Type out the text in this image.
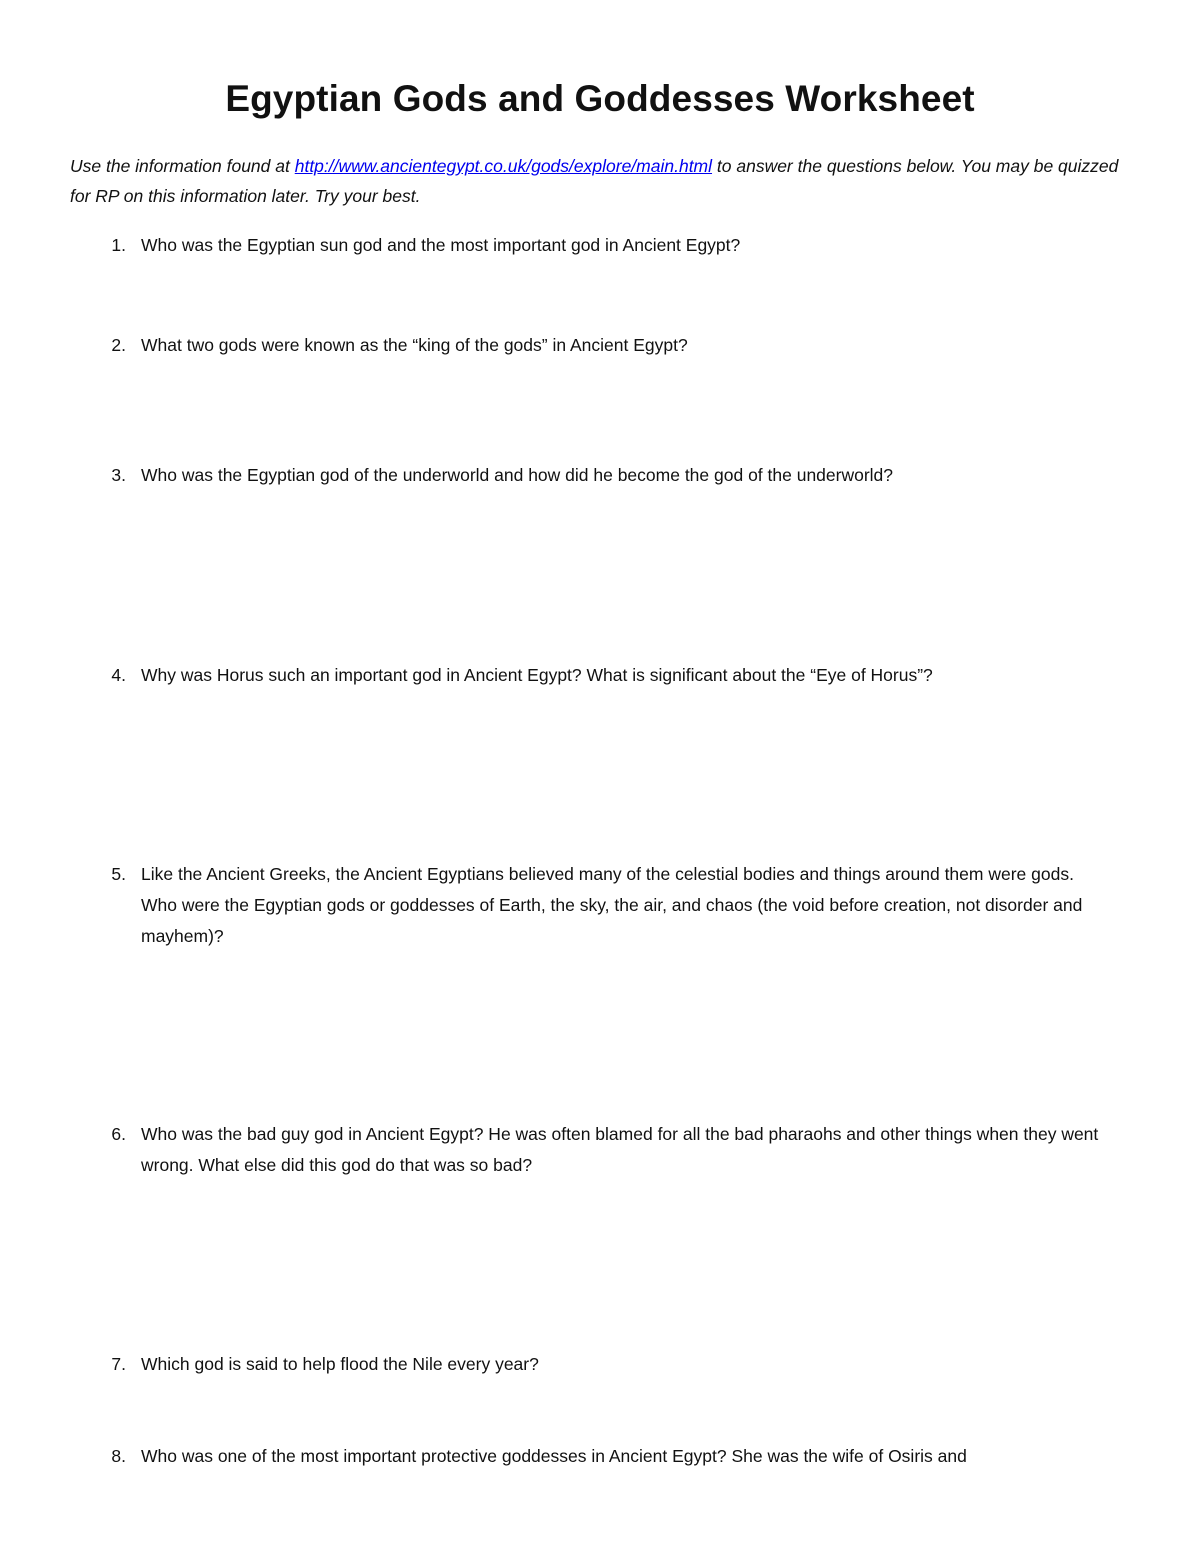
Egyptian Gods and Goddesses Worksheet

Use the information found at http://www.ancientegypt.co.uk/gods/explore/main.html to answer the questions below. You may be quizzed for RP on this information later. Try your best.

1. Who was the Egyptian sun god and the most important god in Ancient Egypt?
2. What two gods were known as the “king of the gods” in Ancient Egypt?
3. Who was the Egyptian god of the underworld and how did he become the god of the underworld?
4. Why was Horus such an important god in Ancient Egypt? What is significant about the “Eye of Horus”?
5. Like the Ancient Greeks, the Ancient Egyptians believed many of the celestial bodies and things around them were gods. Who were the Egyptian gods or goddesses of Earth, the sky, the air, and chaos (the void before creation, not disorder and mayhem)?
6. Who was the bad guy god in Ancient Egypt? He was often blamed for all the bad pharaohs and other things when they went wrong. What else did this god do that was so bad?
7. Which god is said to help flood the Nile every year?
8. Who was one of the most important protective goddesses in Ancient Egypt? She was the wife of Osiris and
